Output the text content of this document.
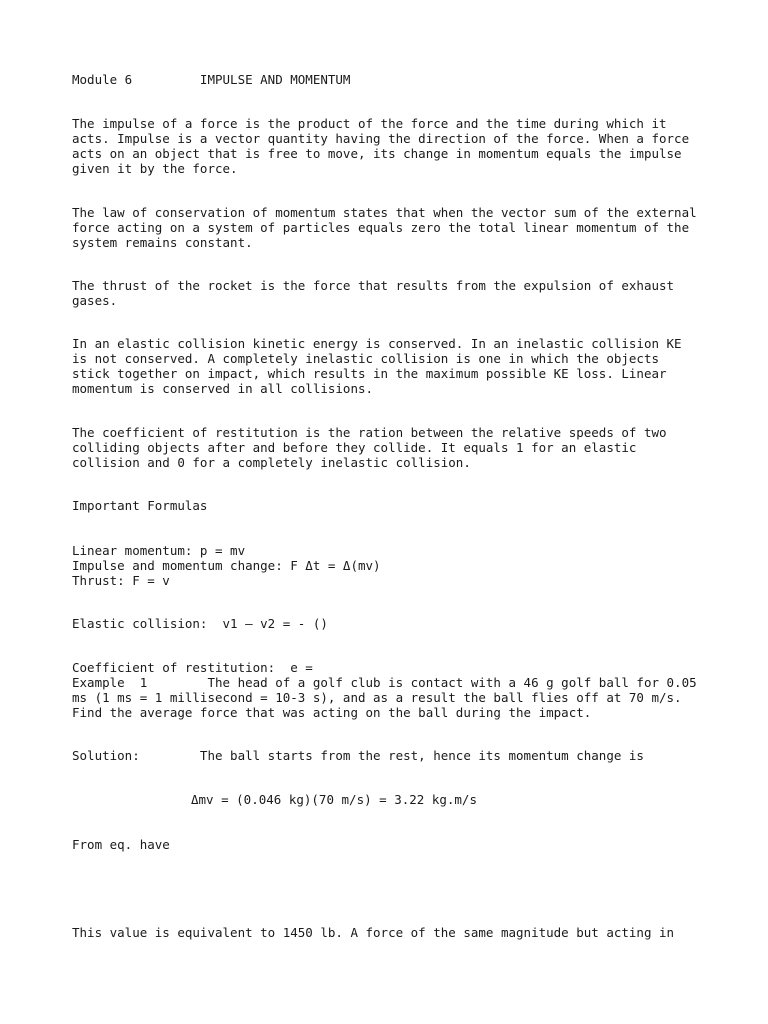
Module 6         IMPULSE AND MOMENTUM
The impulse of a force is the product of the force and the time during which it
acts. Impulse is a vector quantity having the direction of the force. When a force
acts on an object that is free to move, its change in momentum equals the impulse
given it by the force.
The law of conservation of momentum states that when the vector sum of the external
force acting on a system of particles equals zero the total linear momentum of the
system remains constant.
The thrust of the rocket is the force that results from the expulsion of exhaust
gases.
In an elastic collision kinetic energy is conserved. In an inelastic collision KE
is not conserved. A completely inelastic collision is one in which the objects
stick together on impact, which results in the maximum possible KE loss. Linear
momentum is conserved in all collisions.
The coefficient of restitution is the ration between the relative speeds of two
colliding objects after and before they collide. It equals 1 for an elastic
collision and 0 for a completely inelastic collision.
Important Formulas
Linear momentum: p = mv
Impulse and momentum change: F Δt = Δ(mv)
Thrust: F = v
Elastic collision:  v1 – v2 = - ()
Coefficient of restitution:  e =
Example  1        The head of a golf club is contact with a 46 g golf ball for 0.05
ms (1 ms = 1 millisecond = 10-3 s), and as a result the ball flies off at 70 m/s.
Find the average force that was acting on the ball during the impact.
Solution:        The ball starts from the rest, hence its momentum change is
Δmv = (0.046 kg)(70 m/s) = 3.22 kg.m/s
From eq. have
This value is equivalent to 1450 lb. A force of the same magnitude but acting in
